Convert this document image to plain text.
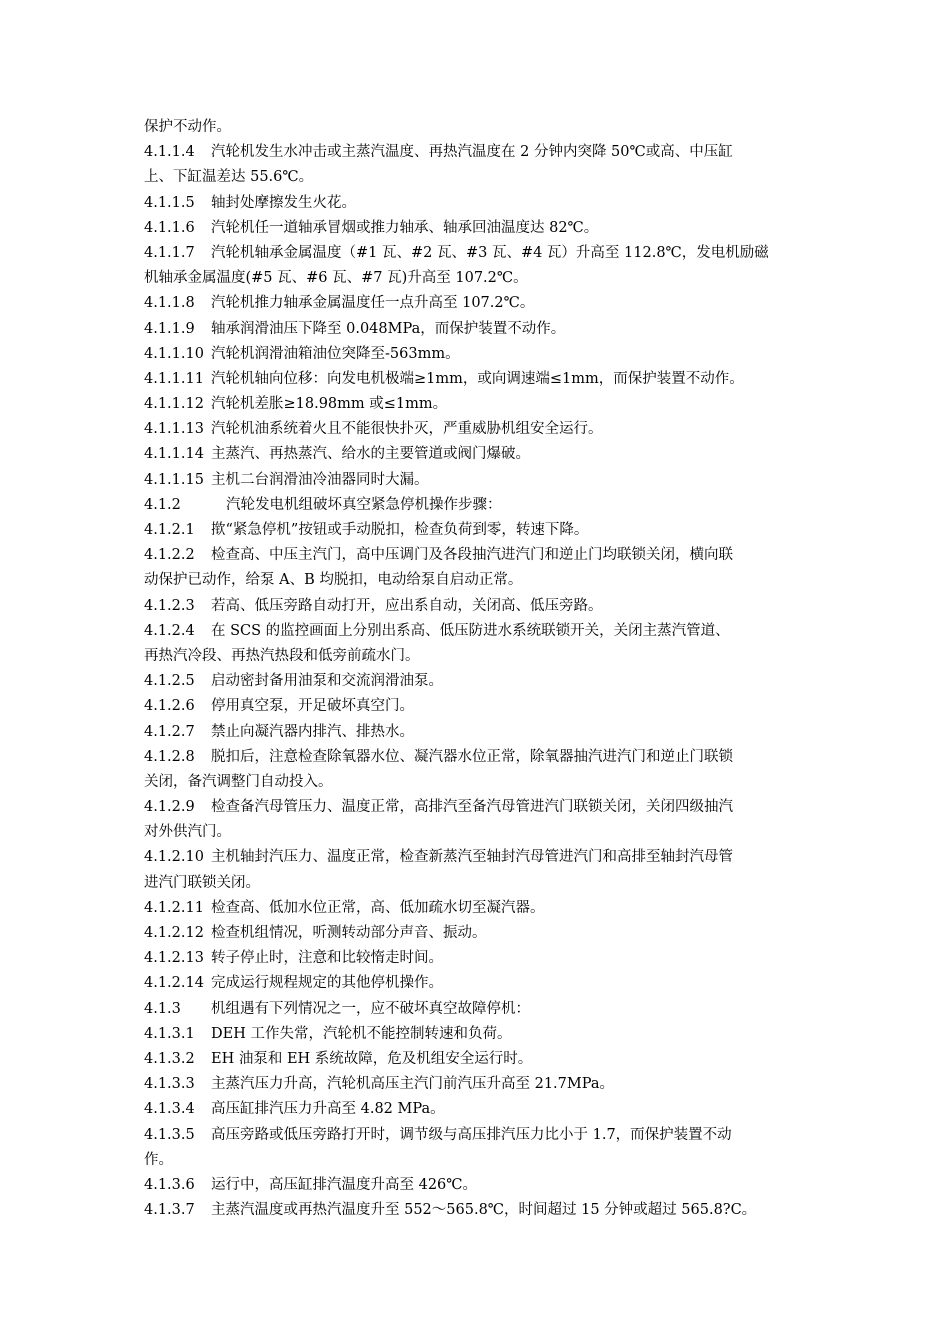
保护不动作。
4.1.1.4 汽轮机发生水冲击或主蒸汽温度、再热汽温度在 2 分钟内突降 50℃或高、中压缸
上、下缸温差达 55.6℃。
4.1.1.5 轴封处摩擦发生火花。
4.1.1.6 汽轮机任一道轴承冒烟或推力轴承、轴承回油温度达 82℃。
4.1.1.7 汽轮机轴承金属温度（#1 瓦、#2 瓦、#3 瓦、#4 瓦）升高至 112.8℃，发电机励磁
机轴承金属温度(#5 瓦、#6 瓦、#7 瓦)升高至 107.2℃。
4.1.1.8 汽轮机推力轴承金属温度任一点升高至 107.2℃。
4.1.1.9 轴承润滑油压下降至 0.048MPa，而保护装置不动作。
4.1.1.10 汽轮机润滑油箱油位突降至-563mm。
4.1.1.11 汽轮机轴向位移：向发电机极端≥1mm，或向调速端≤1mm，而保护装置不动作。
4.1.1.12 汽轮机差胀≥18.98mm 或≤1mm。
4.1.1.13 汽轮机油系统着火且不能很快扑灭，严重威胁机组安全运行。
4.1.1.14 主蒸汽、再热蒸汽、给水的主要管道或阀门爆破。
4.1.1.15 主机二台润滑油冷油器同时大漏。
4.1.2	汽轮发电机组破坏真空紧急停机操作步骤：
4.1.2.1 揿“紧急停机”按钮或手动脱扣，检查负荷到零，转速下降。
4.1.2.2 检查高、中压主汽门，高中压调门及各段抽汽进汽门和逆止门均联锁关闭，横向联
动保护已动作，给泵 A、B 均脱扣，电动给泵自启动正常。
4.1.2.3 若高、低压旁路自动打开，应出系自动，关闭高、低压旁路。
4.1.2.4 在 SCS 的监控画面上分别出系高、低压防进水系统联锁开关，关闭主蒸汽管道、
再热汽冷段、再热汽热段和低旁前疏水门。
4.1.2.5 启动密封备用油泵和交流润滑油泵。
4.1.2.6 停用真空泵，开足破坏真空门。
4.1.2.7 禁止向凝汽器内排汽、排热水。
4.1.2.8 脱扣后，注意检查除氧器水位、凝汽器水位正常，除氧器抽汽进汽门和逆止门联锁
关闭，备汽调整门自动投入。
4.1.2.9 检查备汽母管压力、温度正常，高排汽至备汽母管进汽门联锁关闭，关闭四级抽汽
对外供汽门。
4.1.2.10 主机轴封汽压力、温度正常，检查新蒸汽至轴封汽母管进汽门和高排至轴封汽母管
进汽门联锁关闭。
4.1.2.11 检查高、低加水位正常，高、低加疏水切至凝汽器。
4.1.2.12 检查机组情况，听测转动部分声音、振动。
4.1.2.13 转子停止时，注意和比较惰走时间。
4.1.2.14 完成运行规程规定的其他停机操作。
4.1.3 机组遇有下列情况之一，应不破坏真空故障停机：
4.1.3.1 DEH 工作失常，汽轮机不能控制转速和负荷。
4.1.3.2 EH 油泵和 EH 系统故障，危及机组安全运行时。
4.1.3.3 主蒸汽压力升高，汽轮机高压主汽门前汽压升高至 21.7MPa。
4.1.3.4 高压缸排汽压力升高至 4.82 MPa。
4.1.3.5 高压旁路或低压旁路打开时，调节级与高压排汽压力比小于 1.7，而保护装置不动
作。
4.1.3.6 运行中，高压缸排汽温度升高至 426℃。
4.1.3.7 主蒸汽温度或再热汽温度升至 552～565.8℃，时间超过 15 分钟或超过 565.8?C。
